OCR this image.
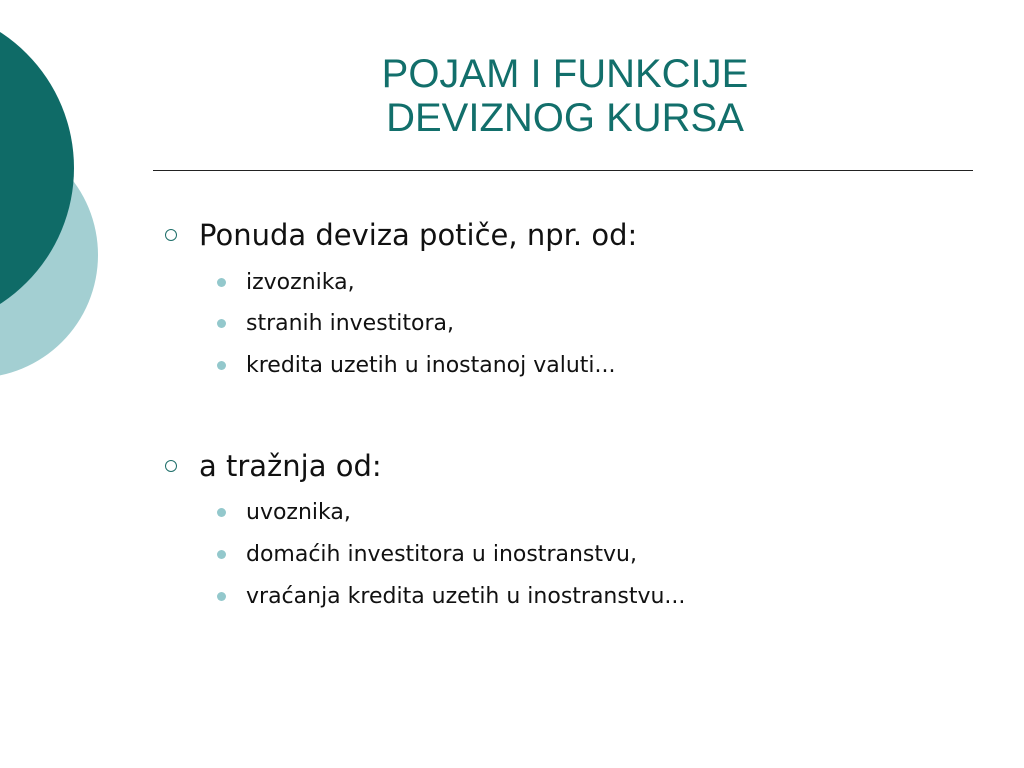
POJAM I FUNKCIJE
DEVIZNOG KURSA
Ponuda deviza potiče, npr. od:
izvoznika,
stranih investitora,
kredita uzetih u inostanoj valuti...
a tražnja od:
uvoznika,
domaćih investitora u inostranstvu,
vraćanja kredita uzetih u inostranstvu...
